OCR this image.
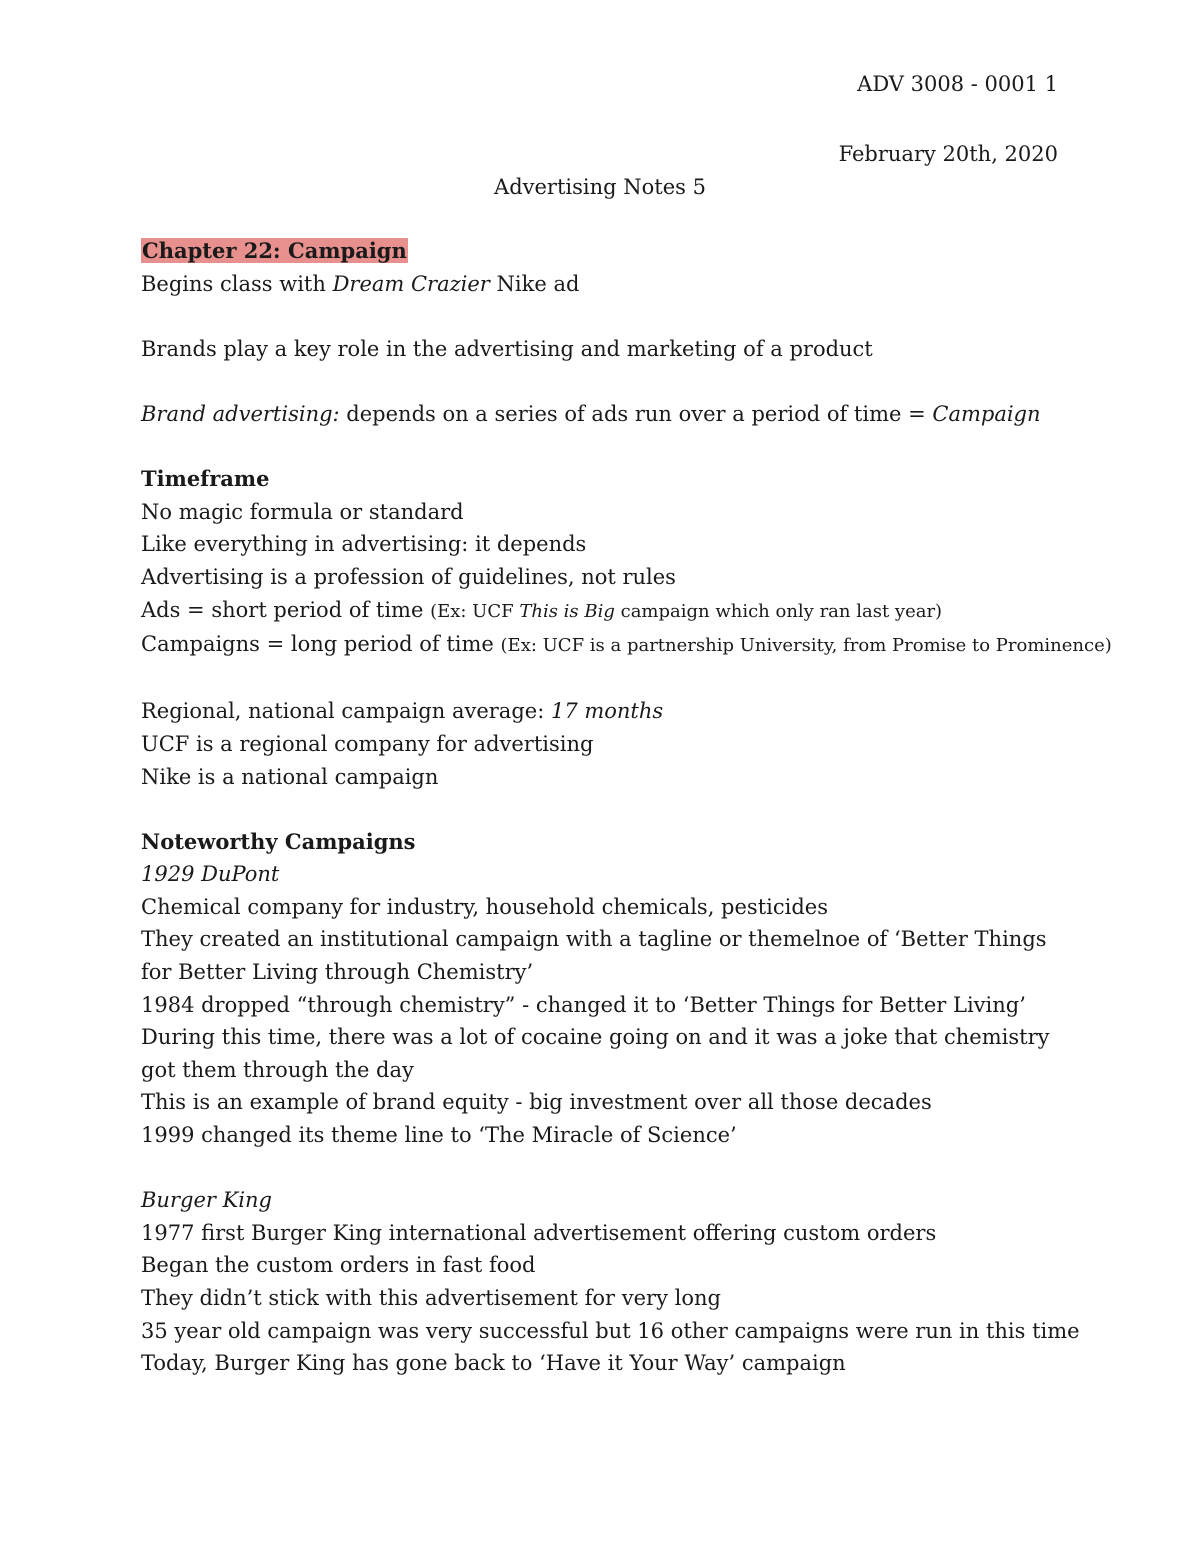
ADV 3008 - 0001 1
February 20th, 2020
Advertising Notes 5
Chapter 22: Campaign
Begins class with Dream Crazier Nike ad
Brands play a key role in the advertising and marketing of a product
Brand advertising: depends on a series of ads run over a period of time = Campaign
Timeframe
No magic formula or standard
Like everything in advertising: it depends
Advertising is a profession of guidelines, not rules
Ads = short period of time (Ex: UCF This is Big campaign which only ran last year)
Campaigns = long period of time (Ex: UCF is a partnership University, from Promise to Prominence)
Regional, national campaign average: 17 months
UCF is a regional company for advertising
Nike is a national campaign
Noteworthy Campaigns
1929 DuPont
Chemical company for industry, household chemicals, pesticides
They created an institutional campaign with a tagline or themelnoe of ‘Better Things for Better Living through Chemistry’
1984 dropped “through chemistry” - changed it to ‘Better Things for Better Living’
During this time, there was a lot of cocaine going on and it was a joke that chemistry got them through the day
This is an example of brand equity - big investment over all those decades
1999 changed its theme line to ‘The Miracle of Science’
Burger King
1977 first Burger King international advertisement offering custom orders
Began the custom orders in fast food
They didn’t stick with this advertisement for very long
35 year old campaign was very successful but 16 other campaigns were run in this time
Today, Burger King has gone back to ‘Have it Your Way’ campaign
